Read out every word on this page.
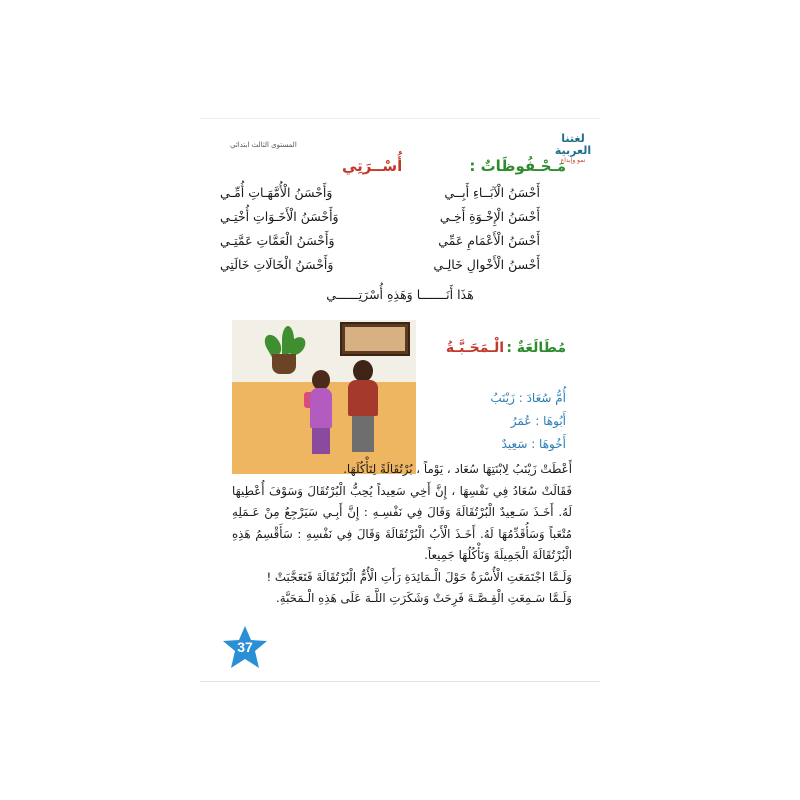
لغتنا العربية
نمو وإبداع
المستوى الثالث ابتدائي
مَـحْـفُوظَاتٌ :
أُسْــرَتِي
أَحْسَنُ الْآبَــاءِ أَبِــي
وَأَحْسَنُ الْأُمَّهَـاتِ أُمِّـي
أَحْسَنُ الْإِخْـوَةِ أَخِـي
وَأَحْسَنُ الْأَخَـوَاتِ أُخْتِـي
أَحْسَنُ الْأَعْمَامِ عَمِّي
وَأَحْسَنُ الْعَمَّاتِ عَمَّتِـي
أَحْسنُ الْأَخْوالِ خَالِـي
وَأَحْسَنُ الْخَالَاتِ خَالَتِي
هَذَا أَنَـــــــا وَهَذِهِ أُسْرَتِــــــي
مُطَالَعَةٌ :
الْـمَحَـبَّـةُ
أُمُّ سُعَادَ : زَيْنَبُ
أَبُوهَا : عُمَرُ
أَخُوهَا : سَعِيدٌ

أَعْطَتْ زَيْنَبُ لِابْنَتِهَا سُعَاد ، يَوْماً ، بُرْتُقَالَةً لِتَأْكُلَهَا.

فَقَالَتْ سُعَادُ فِي نَفْسِهَا ، إِنَّ أَخِي سَعِيداً يُحِبُّ الْبُرْتُقَالَ وَسَوْفَ أُعْطِيهَا لَهُ. أَخَـذَ سَـعِيدٌ الْبُرْتُقَالَةَ وَقَالَ فِي نَفْسِـهِ : إِنَّ أَبِـي سَيَرْجِعُ مِنْ عَـمَلِهِ مُتْعَباً وَسَأُقَدِّمُهَا لَهُ. أَخَـذَ الْأَبُ الْبُرْتُقَالَةَ وَقَالَ فِي نَفْسِهِ : سَأَقْسِمُ هَذِهِ الْبُرْتُقَالَةَ الْجَمِيلَةَ وَنَأْكُلُهَا جَمِيعاً.

وَلَـمَّا اجْتَمَعَتِ الْأُسْرَةُ حَوْلَ الْـمَائِدَةِ رَأَتِ الْأُمُّ الْبُرْتُقَالَةَ فَتَعَجَّبَتْ !

وَلَـمَّا سَـمِعَتِ الْقِـصَّـةَ فَرِحَتْ وَشَكَرَتِ اللَّـهَ عَلَى هَذِهِ الْـمَحَبَّةِ.

37
